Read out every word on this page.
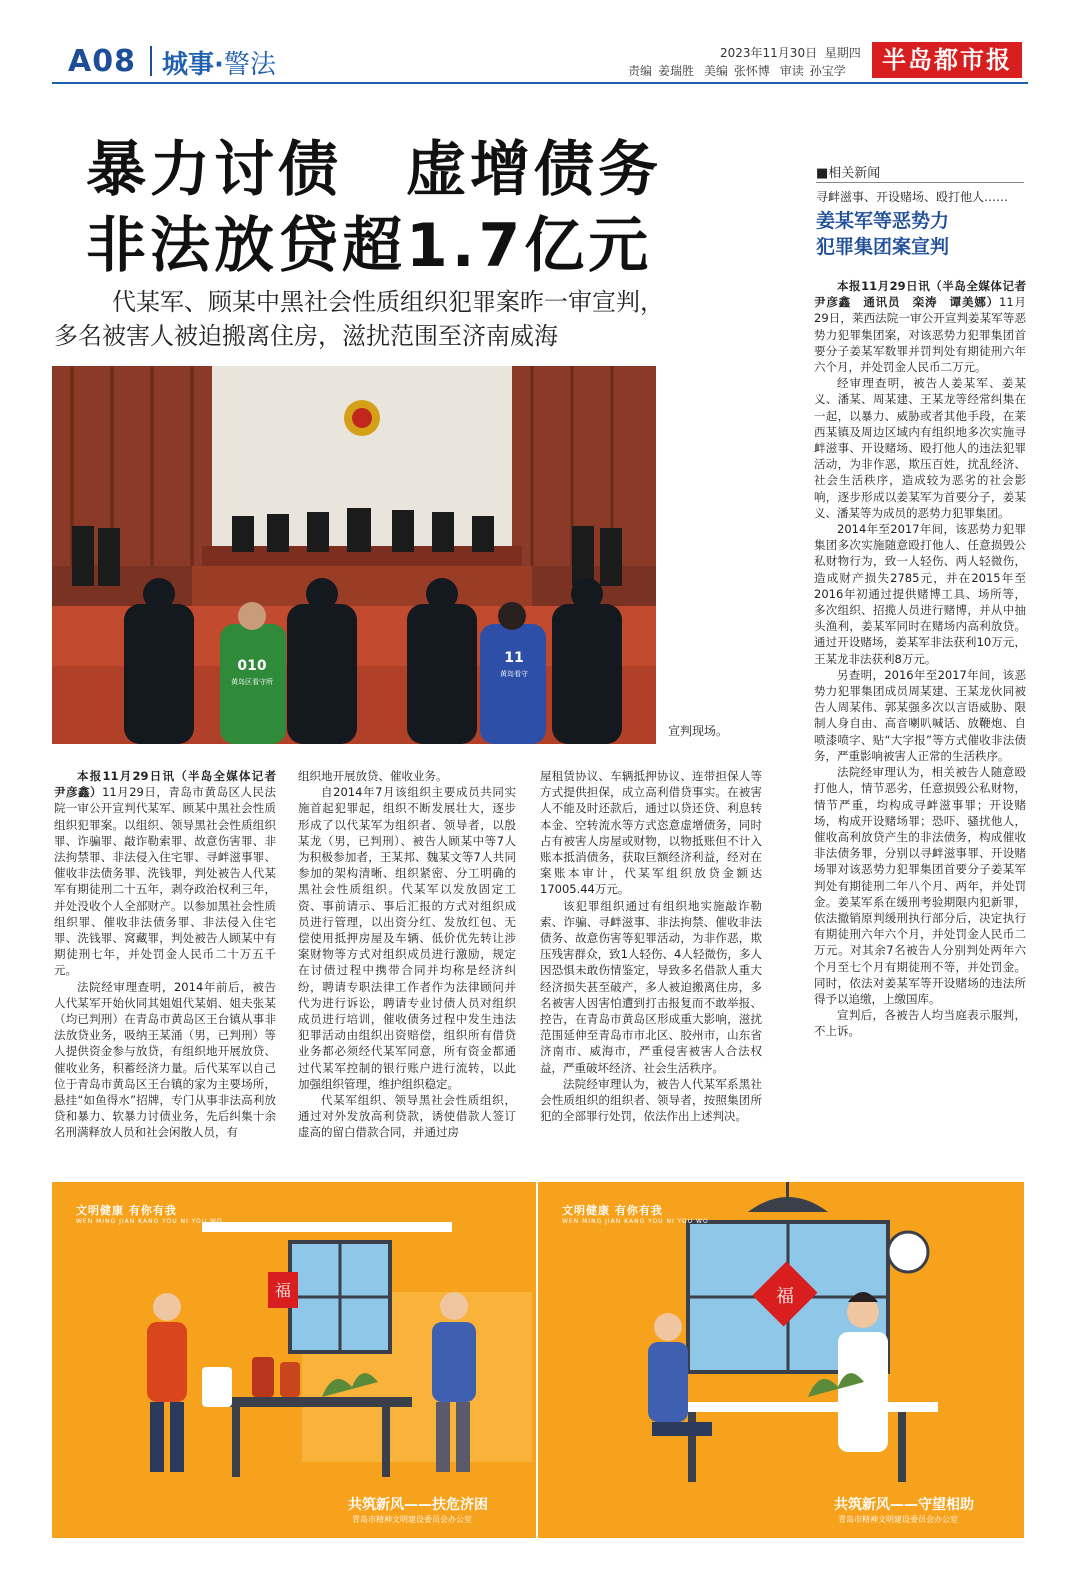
A08 城事·警法	2023年11月30日 星期四
责编 姜瑞胜 美编 张怀博 审读 孙宝学	半岛都市报
暴力讨债　虚增债务
非法放贷超1.7亿元
代某军、顾某中黑社会性质组织犯罪案昨一审宣判，
多名被害人被迫搬离住房，滋扰范围至济南威海
010
黄岛区看守所
11
黄岛看守
宣判现场。

本报11月29日讯（半岛全媒体记者　尹彦鑫）11月29日，青岛市黄岛区人民法院一审公开宣判代某军、顾某中黑社会性质组织犯罪案。以组织、领导黑社会性质组织罪、诈骗罪、敲诈勒索罪、故意伤害罪、非法拘禁罪、非法侵入住宅罪、寻衅滋事罪、催收非法债务罪、洗钱罪，判处被告人代某军有期徒刑二十五年，剥夺政治权利三年，并处没收个人全部财产。以参加黑社会性质组织罪、催收非法债务罪、非法侵入住宅罪、洗钱罪、窝藏罪，判处被告人顾某中有期徒刑七年，并处罚金人民币二十万五千元。

法院经审理查明，2014年前后，被告人代某军开始伙同其姐姐代某娟、姐夫张某（均已判刑）在青岛市黄岛区王台镇从事非法放贷业务，吸纳王某涌（男，已判刑）等人提供资金参与放贷，有组织地开展放贷、催收业务，积蓄经济力量。后代某军以自己位于青岛市黄岛区王台镇的家为主要场所，悬挂“如鱼得水”招牌，专门从事非法高利放贷和暴力、软暴力讨债业务，先后纠集十余名刑满释放人员和社会闲散人员，有

组织地开展放贷、催收业务。

自2014年7月该组织主要成员共同实施首起犯罪起，组织不断发展壮大，逐步形成了以代某军为组织者、领导者，以殷某龙（男，已判刑）、被告人顾某中等7人为积极参加者，王某邦、魏某文等7人共同参加的架构清晰、组织紧密、分工明确的黑社会性质组织。代某军以发放固定工资、事前请示、事后汇报的方式对组织成员进行管理，以出资分红、发放红包、无偿使用抵押房屋及车辆、低价优先转让涉案财物等方式对组织成员进行激励，规定在讨债过程中携带合同并均称是经济纠纷，聘请专职法律工作者作为法律顾问并代为进行诉讼，聘请专业讨债人员对组织成员进行培训，催收债务过程中发生违法犯罪活动由组织出资赔偿，组织所有借贷业务都必须经代某军同意，所有资金都通过代某军控制的银行账户进行流转，以此加强组织管理，维护组织稳定。

代某军组织、领导黑社会性质组织，通过对外发放高利贷款，诱使借款人签订虚高的留白借款合同，并通过房

屋租赁协议、车辆抵押协议、连带担保人等方式提供担保，成立高利借贷事实。在被害人不能及时还款后，通过以贷还贷、利息转本金、空转流水等方式恣意虚增债务，同时占有被害人房屋或财物，以物抵账但不计入账本抵消债务，获取巨额经济利益，经对在案账本审计，代某军组织放贷金额达17005.44万元。

该犯罪组织通过有组织地实施敲诈勒索、诈骗、寻衅滋事、非法拘禁、催收非法债务、故意伤害等犯罪活动，为非作恶，欺压残害群众，致1人轻伤、4人轻微伤，多人因恐惧未敢伤情鉴定，导致多名借款人重大经济损失甚至破产，多人被迫搬离住房，多名被害人因害怕遭到打击报复而不敢举报、控告，在青岛市黄岛区形成重大影响，滋扰范围延伸至青岛市市北区、胶州市，山东省济南市、威海市，严重侵害被害人合法权益，严重破坏经济、社会生活秩序。

法院经审理认为，被告人代某军系黑社会性质组织的组织者、领导者，按照集团所犯的全部罪行处罚，依法作出上述判决。

■相关新闻
寻衅滋事、开设赌场、殴打他人……
姜某军等恶势力
犯罪集团案宣判

本报11月29日讯（半岛全媒体记者　尹彦鑫　通讯员　栾涛　谭美娜）11月29日，莱西法院一审公开宣判姜某军等恶势力犯罪集团案，对该恶势力犯罪集团首要分子姜某军数罪并罚判处有期徒刑六年六个月，并处罚金人民币二万元。

经审理查明，被告人姜某军、姜某义、潘某、周某建、王某龙等经常纠集在一起，以暴力、威胁或者其他手段，在莱西某镇及周边区域内有组织地多次实施寻衅滋事、开设赌场、殴打他人的违法犯罪活动，为非作恶，欺压百姓，扰乱经济、社会生活秩序，造成较为恶劣的社会影响，逐步形成以姜某军为首要分子，姜某义、潘某等为成员的恶势力犯罪集团。

2014年至2017年间，该恶势力犯罪集团多次实施随意殴打他人、任意损毁公私财物行为，致一人轻伤、两人轻微伤，造成财产损失2785元，并在2015年至2016年初通过提供赌博工具、场所等，多次组织、招揽人员进行赌博，并从中抽头渔利，姜某军同时在赌场内高利放贷。通过开设赌场，姜某军非法获利10万元，王某龙非法获利8万元。

另查明，2016年至2017年间，该恶势力犯罪集团成员周某建、王某龙伙同被告人周某伟、郭某强多次以言语威胁、限制人身自由、高音喇叭喊话、放鞭炮、自喷漆喷字、贴“大字报”等方式催收非法债务，严重影响被害人正常的生活秩序。

法院经审理认为，相关被告人随意殴打他人，情节恶劣，任意损毁公私财物，情节严重，均构成寻衅滋事罪；开设赌场，构成开设赌场罪；恐吓、骚扰他人，催收高利放贷产生的非法债务，构成催收非法债务罪，分别以寻衅滋事罪、开设赌场罪对该恶势力犯罪集团首要分子姜某军判处有期徒刑二年八个月、两年，并处罚金。姜某军系在缓刑考验期限内犯新罪，依法撤销原判缓刑执行部分后，决定执行有期徒刑六年六个月，并处罚金人民币二万元。对其余7名被告人分别判处两年六个月至七个月有期徒刑不等，并处罚金。同时，依法对姜某军等开设赌场的违法所得予以追缴，上缴国库。

宣判后，各被告人均当庭表示服判，不上诉。

福
文明健康 有你有我
WEN MING JIAN KANG YOU NI YOU WO
共筑新风——扶危济困
青岛市精神文明建设委员会办公室
福
文明健康 有你有我
WEN MING JIAN KANG YOU NI YOU WO
共筑新风——守望相助
青岛市精神文明建设委员会办公室
